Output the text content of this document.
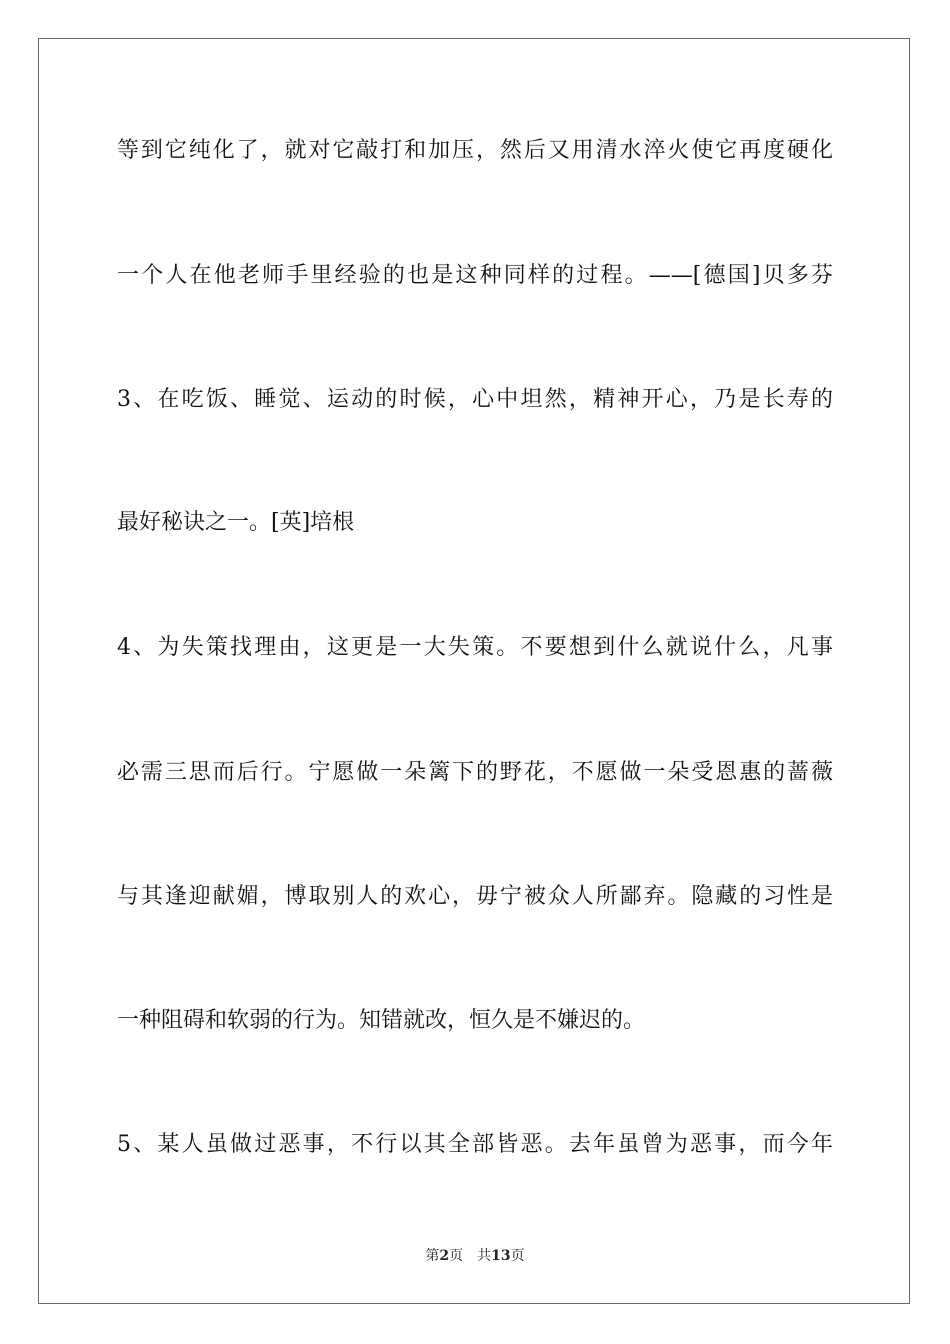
等到它纯化了，就对它敲打和加压，然后又用清水淬火使它再度硬化
一个人在他老师手里经验的也是这种同样的过程。——[德国]贝多芬
3、在吃饭、睡觉、运动的时候，心中坦然，精神开心，乃是长寿的
最好秘诀之一。[英]培根
4、为失策找理由，这更是一大失策。不要想到什么就说什么，凡事
必需三思而后行。宁愿做一朵篱下的野花，不愿做一朵受恩惠的蔷薇
与其逢迎献媚，博取别人的欢心，毋宁被众人所鄙弃。隐藏的习性是
一种阻碍和软弱的行为。知错就改，恒久是不嫌迟的。
5、某人虽做过恶事，不行以其全部皆恶。去年虽曾为恶事，而今年
第2页 共13页
